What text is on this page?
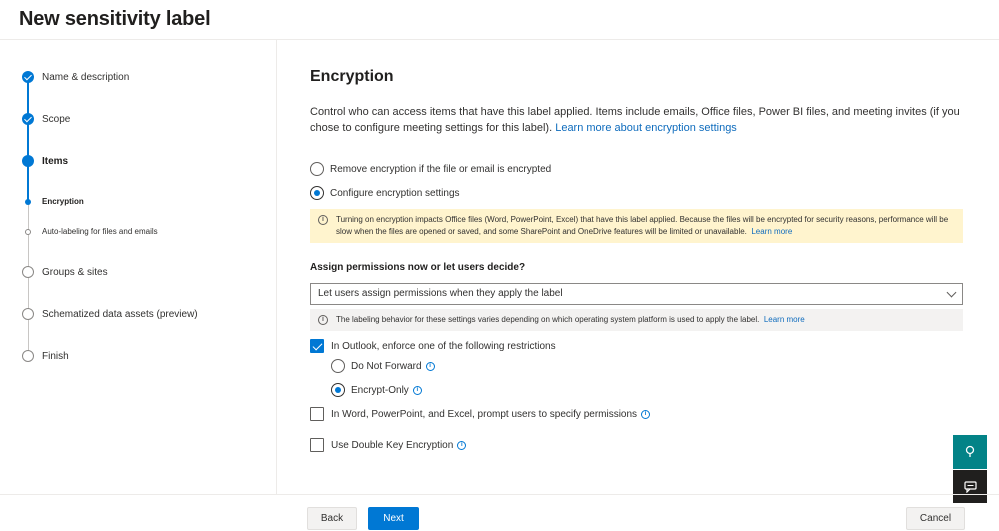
New sensitivity label
Name & description
Scope
Items
Encryption
Auto-labeling for files and emails
Groups & sites
Schematized data assets (preview)
Finish
Encryption
Control who can access items that have this label applied. Items include emails, Office files, Power BI files, and meeting invites (if you chose to configure meeting settings for this label). Learn more about encryption settings
Remove encryption if the file or email is encrypted
Configure encryption settings
i	Turning on encryption impacts Office files (Word, PowerPoint, Excel) that have this label applied. Because the files will be encrypted for security reasons, performance will be slow when the files are opened or saved, and some SharePoint and OneDrive features will be limited or unavailable. Learn more
Assign permissions now or let users decide?
Let users assign permissions when they apply the label
i	The labeling behavior for these settings varies depending on which operating system platform is used to apply the label. Learn more
In Outlook, enforce one of the following restrictions
Do Not Forward	i
Encrypt-Only	i
In Word, PowerPoint, and Excel, prompt users to specify permissions	i
Use Double Key Encryption	i
Back	Next	Cancel
